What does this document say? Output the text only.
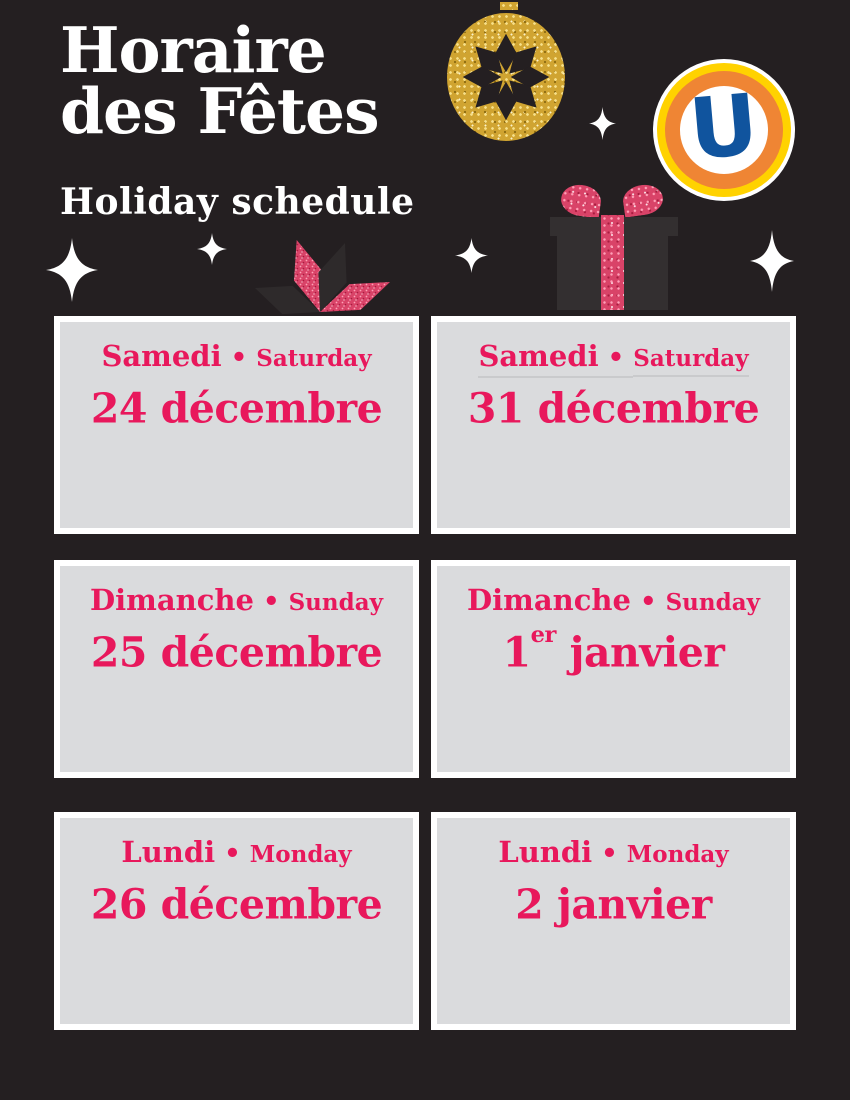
Horaire
des Fêtes
Holiday schedule
U
Samedi • Saturday
24 décembre
Samedi • Saturday
31 décembre
Dimanche • Sunday
25 décembre
Dimanche • Sunday
1er janvier
Lundi • Monday
26 décembre
Lundi • Monday
2 janvier
